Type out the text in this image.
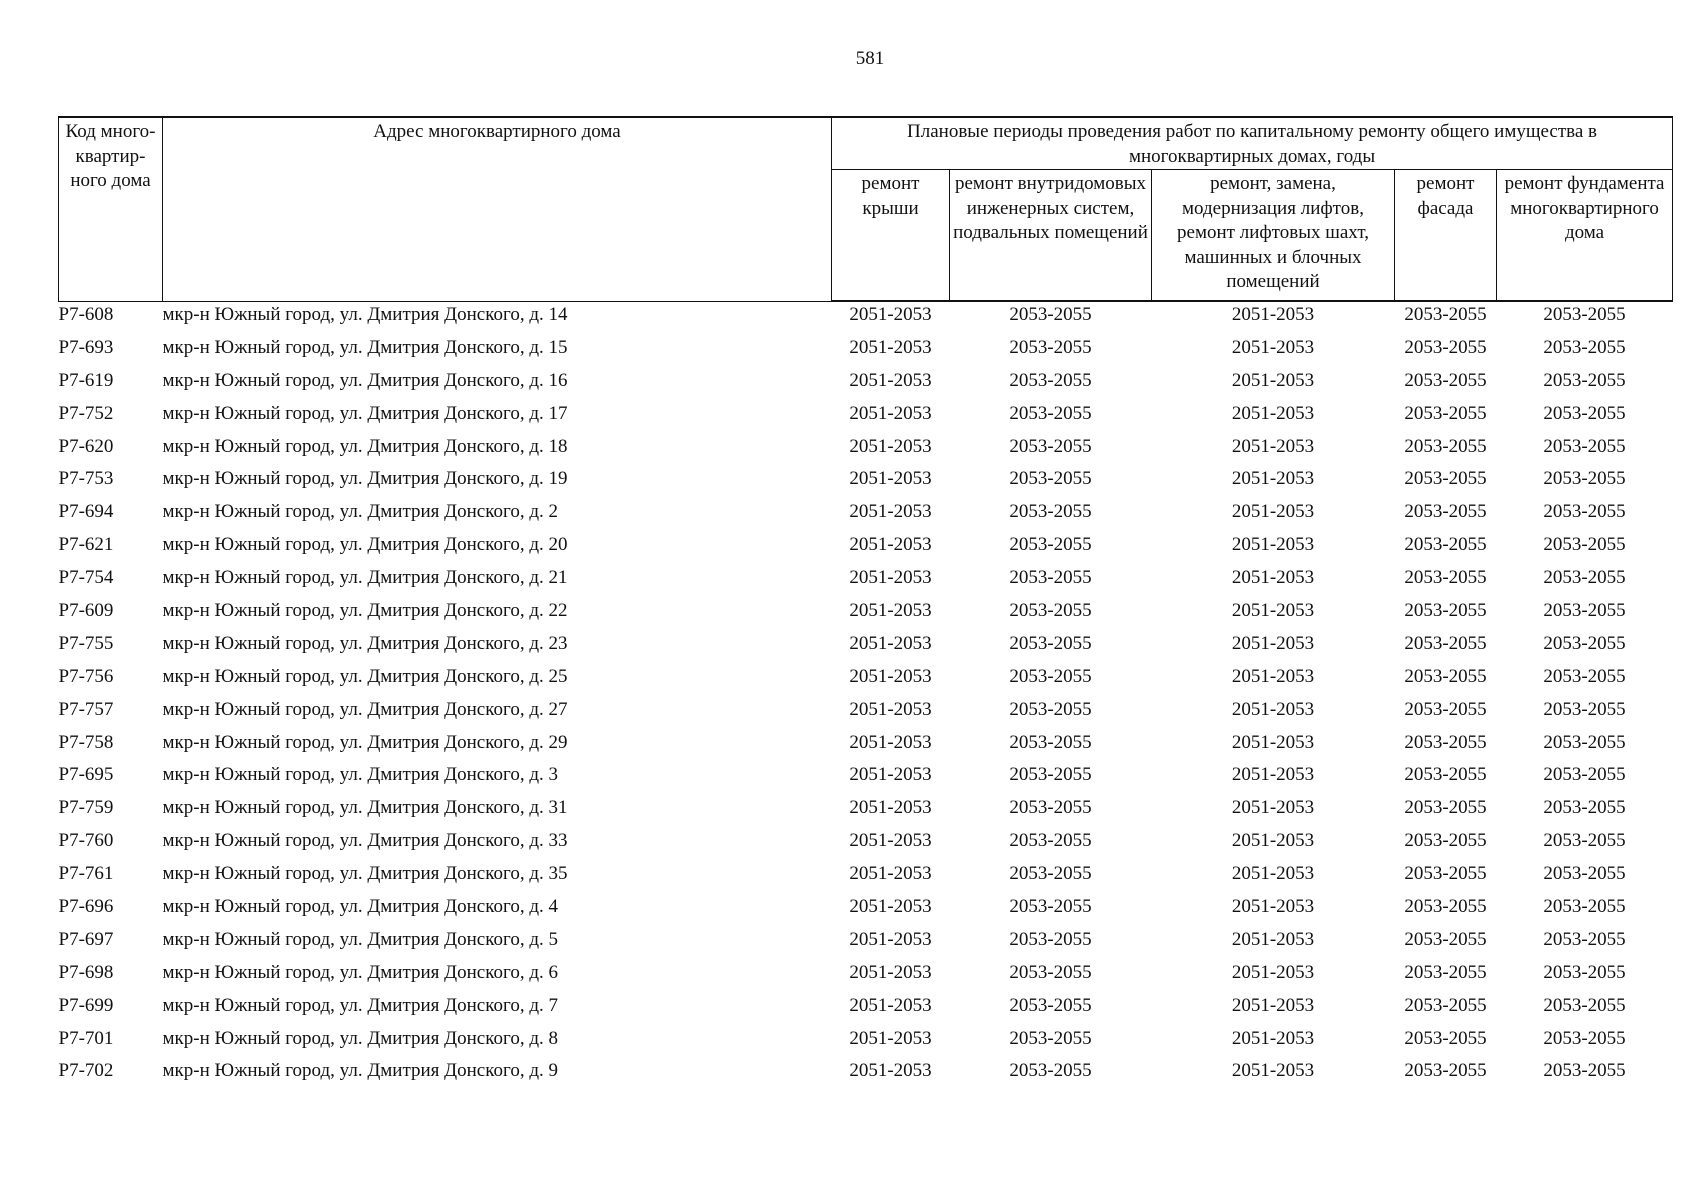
581
Код много-квартир-ного дома	Адрес многоквартирного дома	Плановые периоды проведения работ по капитальному ремонту общего имущества в многоквартирных домах, годы				
		ремонт крыши	ремонт внутридомовых инженерных систем, подвальных помещений	ремонт, замена, модернизация лифтов, ремонт лифтовых шахт, машинных и блочных помещений	ремонт фасада	ремонт фундамента многоквартирного дома
Р7-608	мкр-н Южный город, ул. Дмитрия Донского, д. 14	2051-2053	2053-2055	2051-2053	2053-2055	2053-2055
Р7-693	мкр-н Южный город, ул. Дмитрия Донского, д. 15	2051-2053	2053-2055	2051-2053	2053-2055	2053-2055
Р7-619	мкр-н Южный город, ул. Дмитрия Донского, д. 16	2051-2053	2053-2055	2051-2053	2053-2055	2053-2055
Р7-752	мкр-н Южный город, ул. Дмитрия Донского, д. 17	2051-2053	2053-2055	2051-2053	2053-2055	2053-2055
Р7-620	мкр-н Южный город, ул. Дмитрия Донского, д. 18	2051-2053	2053-2055	2051-2053	2053-2055	2053-2055
Р7-753	мкр-н Южный город, ул. Дмитрия Донского, д. 19	2051-2053	2053-2055	2051-2053	2053-2055	2053-2055
Р7-694	мкр-н Южный город, ул. Дмитрия Донского, д. 2	2051-2053	2053-2055	2051-2053	2053-2055	2053-2055
Р7-621	мкр-н Южный город, ул. Дмитрия Донского, д. 20	2051-2053	2053-2055	2051-2053	2053-2055	2053-2055
Р7-754	мкр-н Южный город, ул. Дмитрия Донского, д. 21	2051-2053	2053-2055	2051-2053	2053-2055	2053-2055
Р7-609	мкр-н Южный город, ул. Дмитрия Донского, д. 22	2051-2053	2053-2055	2051-2053	2053-2055	2053-2055
Р7-755	мкр-н Южный город, ул. Дмитрия Донского, д. 23	2051-2053	2053-2055	2051-2053	2053-2055	2053-2055
Р7-756	мкр-н Южный город, ул. Дмитрия Донского, д. 25	2051-2053	2053-2055	2051-2053	2053-2055	2053-2055
Р7-757	мкр-н Южный город, ул. Дмитрия Донского, д. 27	2051-2053	2053-2055	2051-2053	2053-2055	2053-2055
Р7-758	мкр-н Южный город, ул. Дмитрия Донского, д. 29	2051-2053	2053-2055	2051-2053	2053-2055	2053-2055
Р7-695	мкр-н Южный город, ул. Дмитрия Донского, д. 3	2051-2053	2053-2055	2051-2053	2053-2055	2053-2055
Р7-759	мкр-н Южный город, ул. Дмитрия Донского, д. 31	2051-2053	2053-2055	2051-2053	2053-2055	2053-2055
Р7-760	мкр-н Южный город, ул. Дмитрия Донского, д. 33	2051-2053	2053-2055	2051-2053	2053-2055	2053-2055
Р7-761	мкр-н Южный город, ул. Дмитрия Донского, д. 35	2051-2053	2053-2055	2051-2053	2053-2055	2053-2055
Р7-696	мкр-н Южный город, ул. Дмитрия Донского, д. 4	2051-2053	2053-2055	2051-2053	2053-2055	2053-2055
Р7-697	мкр-н Южный город, ул. Дмитрия Донского, д. 5	2051-2053	2053-2055	2051-2053	2053-2055	2053-2055
Р7-698	мкр-н Южный город, ул. Дмитрия Донского, д. 6	2051-2053	2053-2055	2051-2053	2053-2055	2053-2055
Р7-699	мкр-н Южный город, ул. Дмитрия Донского, д. 7	2051-2053	2053-2055	2051-2053	2053-2055	2053-2055
Р7-701	мкр-н Южный город, ул. Дмитрия Донского, д. 8	2051-2053	2053-2055	2051-2053	2053-2055	2053-2055
Р7-702	мкр-н Южный город, ул. Дмитрия Донского, д. 9	2051-2053	2053-2055	2051-2053	2053-2055	2053-2055
